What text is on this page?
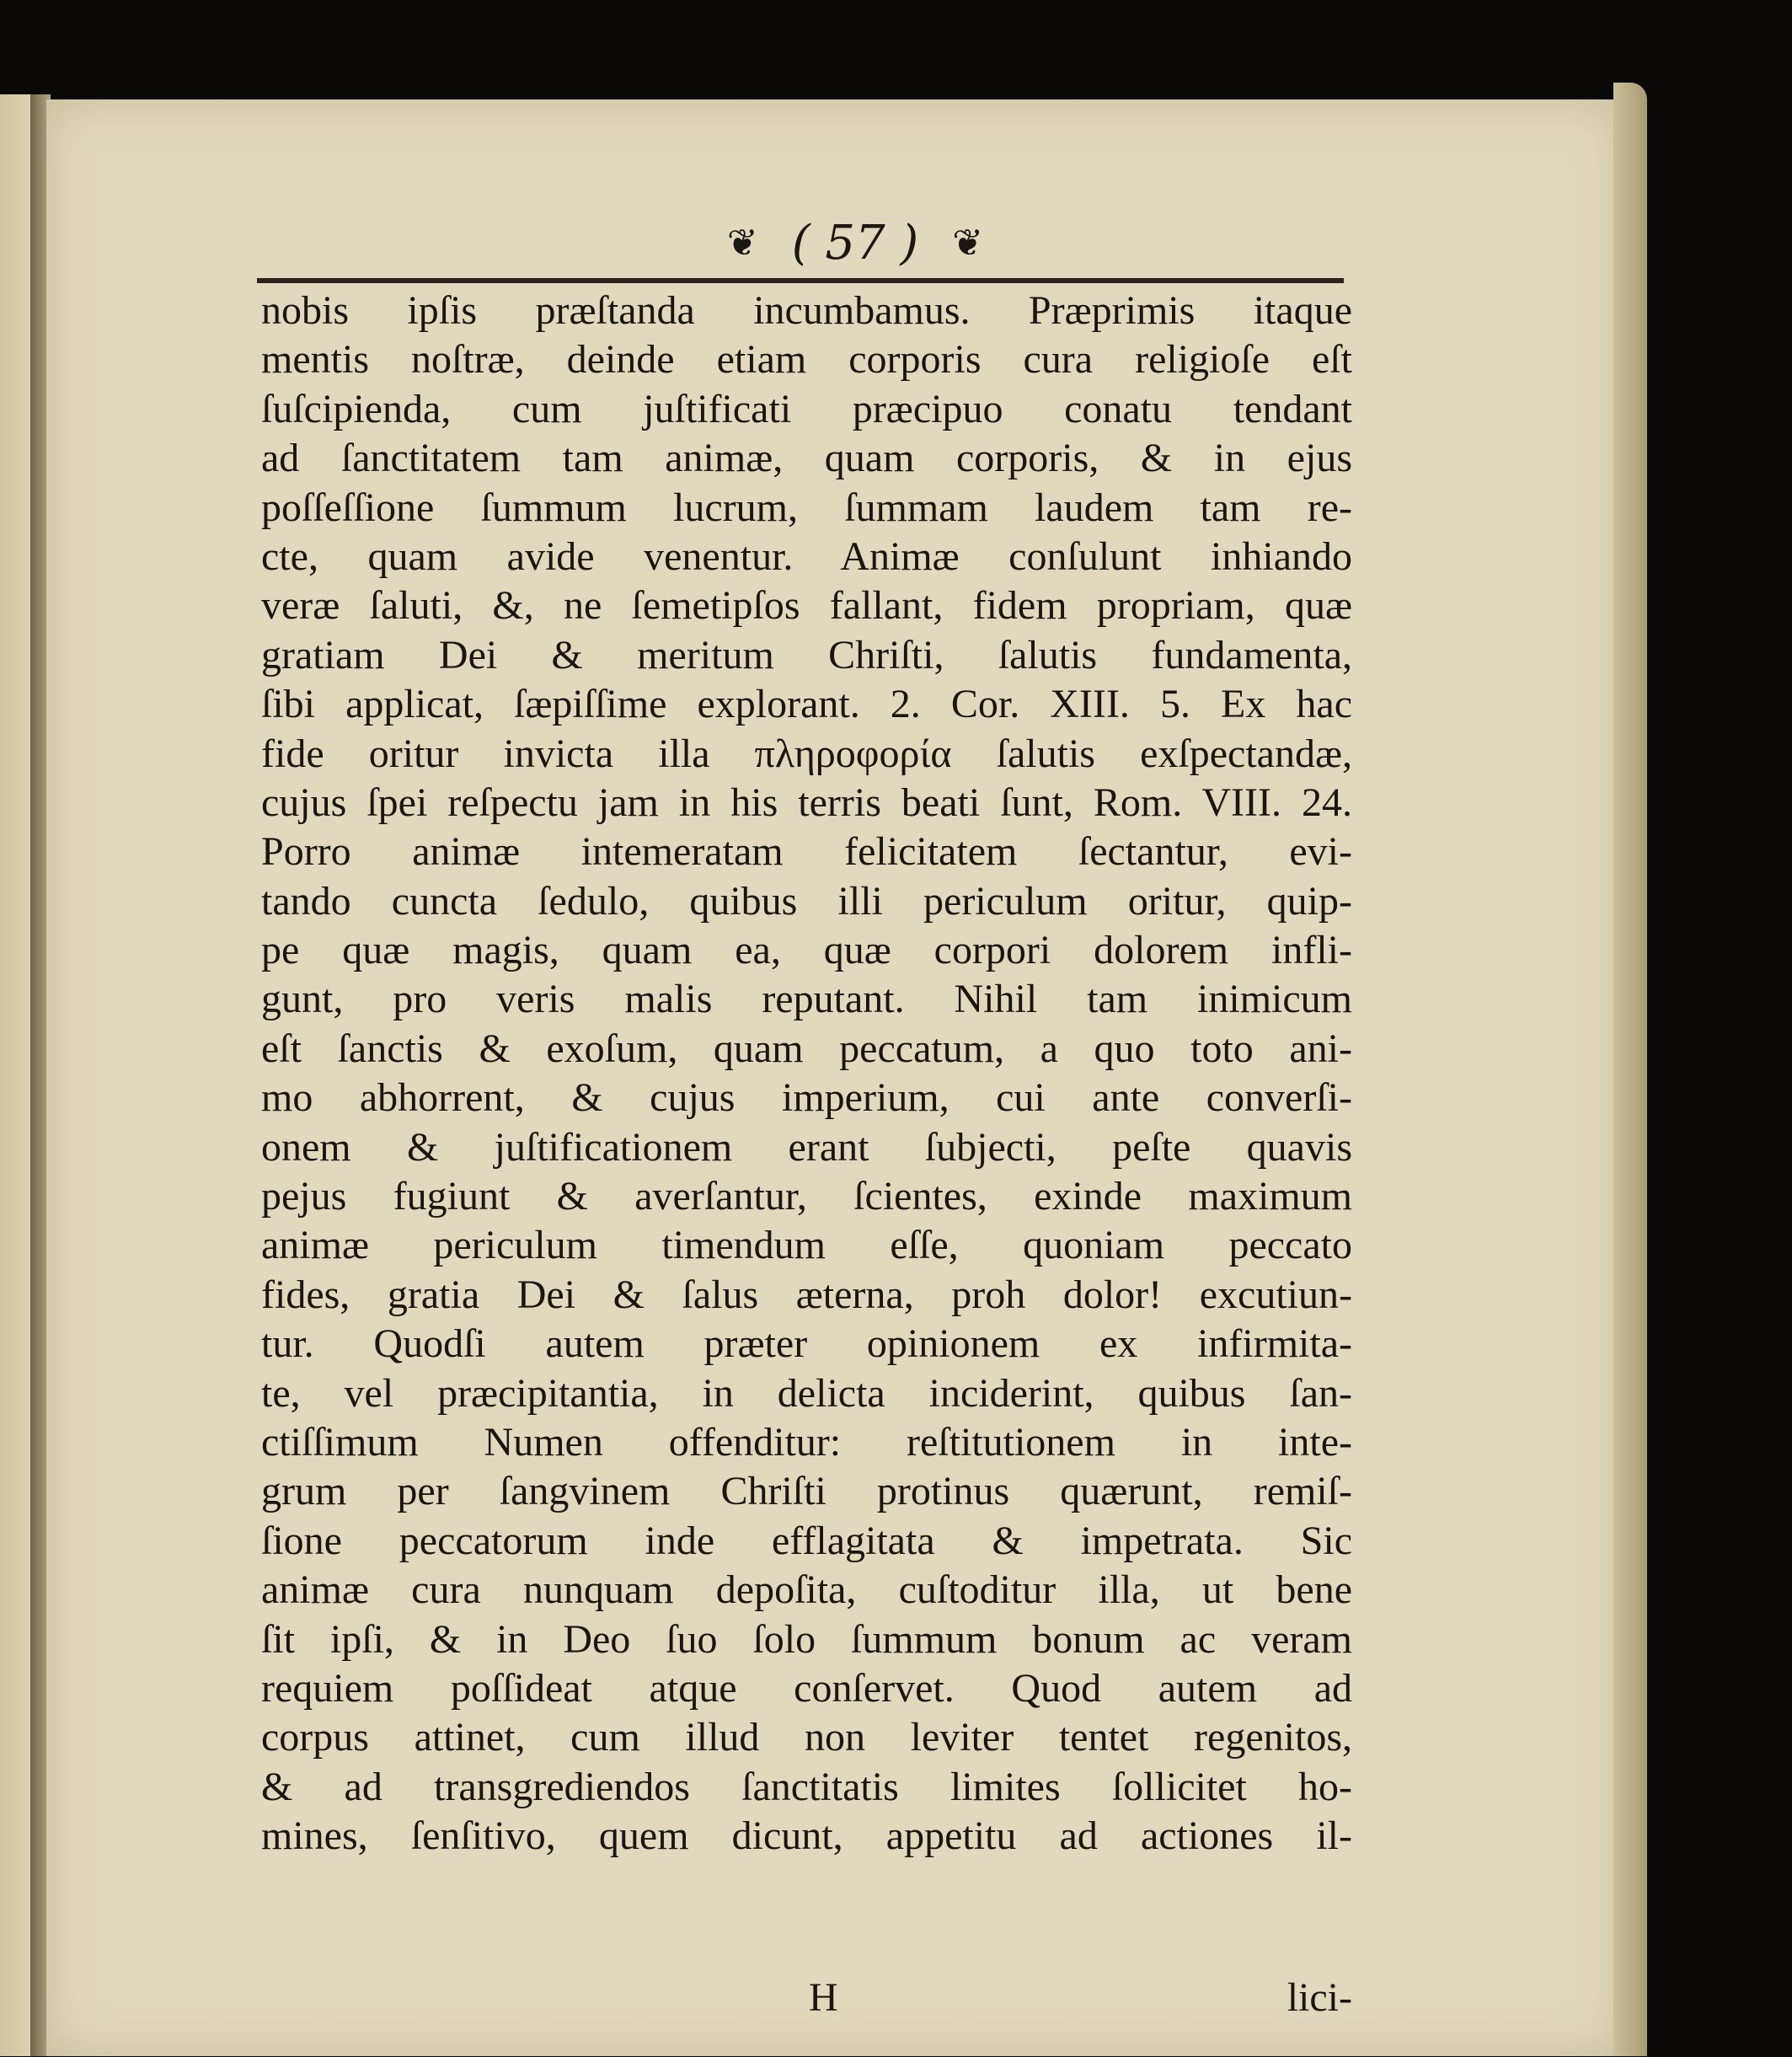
❦ ( 57 ) ❦
nobis ipſis præſtanda incumbamus. Præprimis itaque
mentis noſtræ, deinde etiam corporis cura religioſe eſt
ſuſcipienda, cum juſtificati præcipuo conatu tendant
ad ſanctitatem tam animæ, quam corporis, & in ejus
poſſeſſione ſummum lucrum, ſummam laudem tam re-
cte, quam avide venentur. Animæ conſulunt inhiando
veræ ſaluti, &, ne ſemetipſos fallant, fidem propriam, quæ
gratiam Dei & meritum Chriſti, ſalutis fundamenta,
ſibi applicat, ſæpiſſime explorant. 2. Cor. XIII. 5. Ex hac
fide oritur invicta illa πληροφορία ſalutis exſpectandæ,
cujus ſpei reſpectu jam in his terris beati ſunt, Rom. VIII. 24.
Porro animæ intemeratam felicitatem ſectantur, evi-
tando cuncta ſedulo, quibus illi periculum oritur, quip-
pe quæ magis, quam ea, quæ corpori dolorem infli-
gunt, pro veris malis reputant. Nihil tam inimicum
eſt ſanctis & exoſum, quam peccatum, a quo toto ani-
mo abhorrent, & cujus imperium, cui ante converſi-
onem & juſtificationem erant ſubjecti, peſte quavis
pejus fugiunt & averſantur, ſcientes, exinde maximum
animæ periculum timendum eſſe, quoniam peccato
fides, gratia Dei & ſalus æterna, proh dolor! excutiun-
tur. Quodſi autem præter opinionem ex infirmita-
te, vel præcipitantia, in delicta inciderint, quibus ſan-
ctiſſimum Numen offenditur: reſtitutionem in inte-
grum per ſangvinem Chriſti protinus quærunt, remiſ-
ſione peccatorum inde efflagitata & impetrata. Sic
animæ cura nunquam depoſita, cuſtoditur illa, ut bene
ſit ipſi, & in Deo ſuo ſolo ſummum bonum ac veram
requiem poſſideat atque conſervet. Quod autem ad
corpus attinet, cum illud non leviter tentet regenitos,
& ad transgrediendos ſanctitatis limites ſollicitet ho-
mines, ſenſitivo, quem dicunt, appetitu ad actiones il-
H	lici-
